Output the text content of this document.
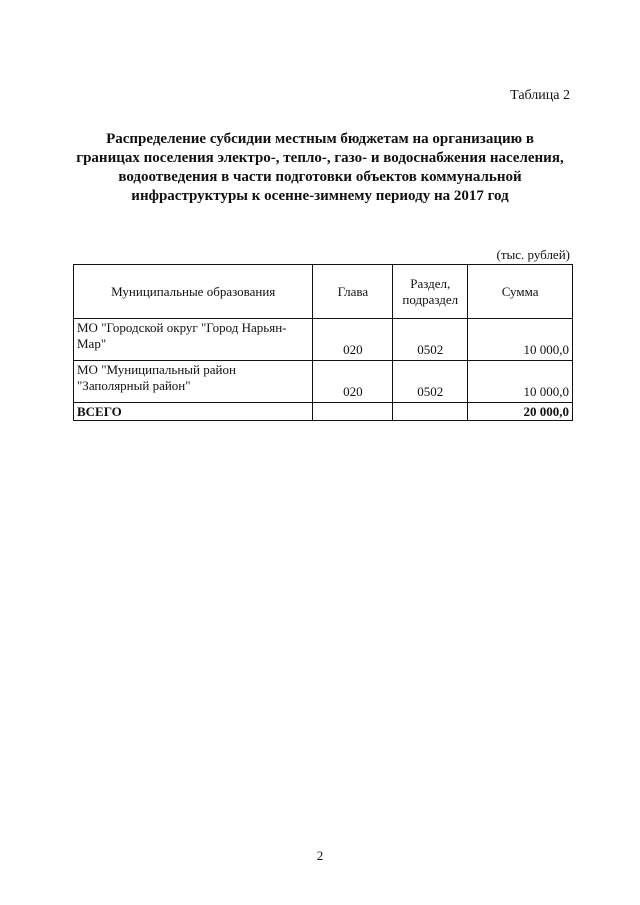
Таблица 2
Распределение субсидии местным бюджетам на организацию в
границах поселения электро-, тепло-, газо- и водоснабжения населения,
водоотведения в части подготовки объектов коммунальной
инфраструктуры к осенне-зимнему периоду на 2017 год
(тыс. рублей)
Муниципальные образования	Глава	Раздел, подраздел	Сумма
МО "Городской округ "Город Нарьян-Мар"	020	0502	10 000,0
МО "Муниципальный район "Заполярный район"	020	0502	10 000,0
ВСЕГО			20 000,0
2
